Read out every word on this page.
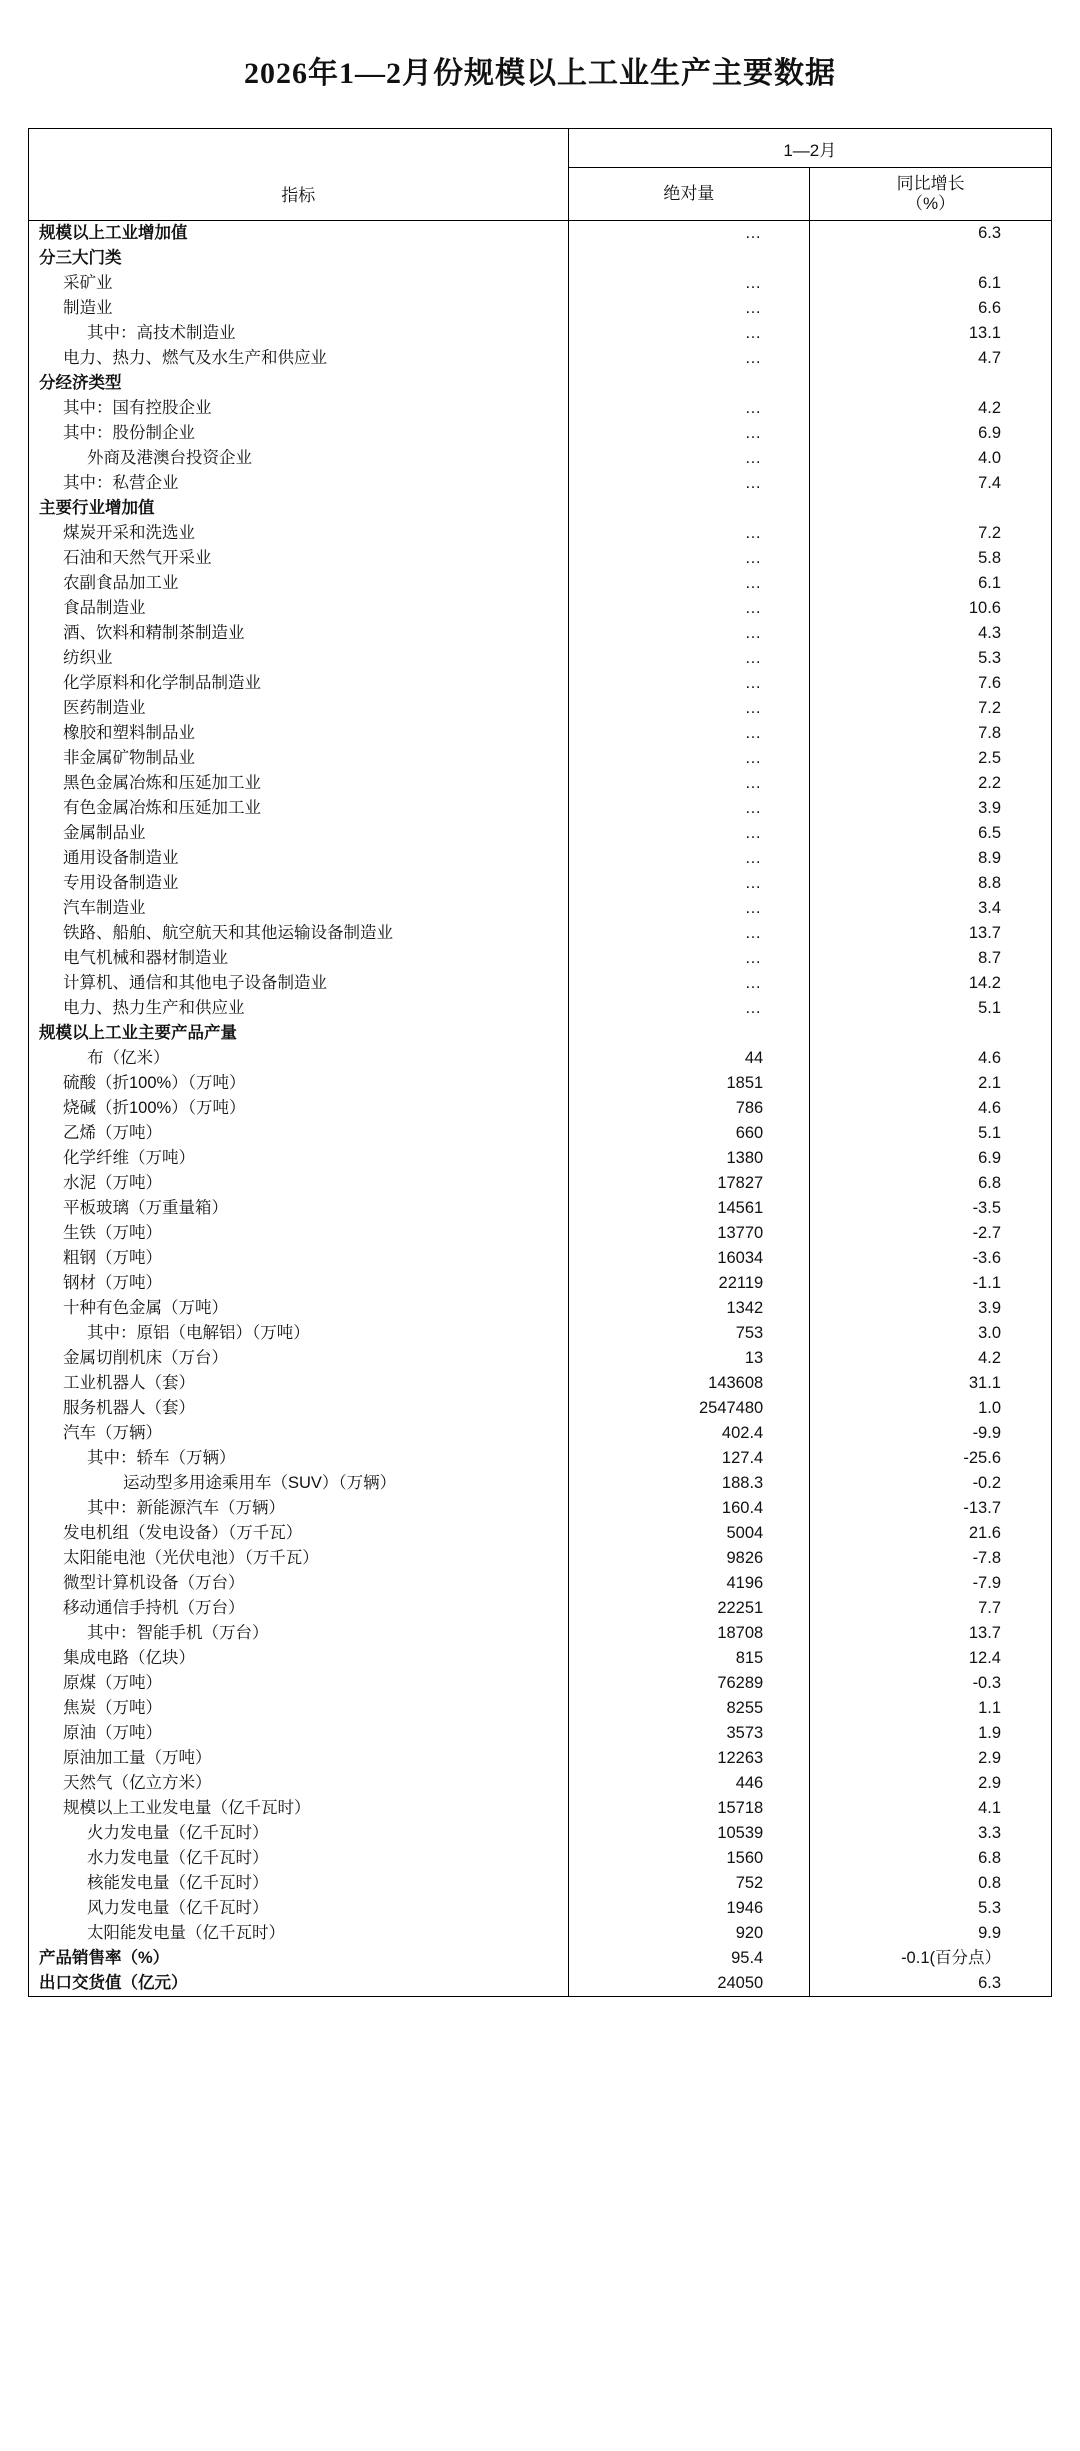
2026年1—2月份规模以上工业生产主要数据
	1—2月	
指标	绝对量	同比增长
（%）
规模以上工业增加值	…	6.3
分三大门类		
采矿业	…	6.1
制造业	…	6.6
其中：高技术制造业	…	13.1
电力、热力、燃气及水生产和供应业	…	4.7
分经济类型		
其中：国有控股企业	…	4.2
其中：股份制企业	…	6.9
外商及港澳台投资企业	…	4.0
其中：私营企业	…	7.4
主要行业增加值		
煤炭开采和洗选业	…	7.2
石油和天然气开采业	…	5.8
农副食品加工业	…	6.1
食品制造业	…	10.6
酒、饮料和精制茶制造业	…	4.3
纺织业	…	5.3
化学原料和化学制品制造业	…	7.6
医药制造业	…	7.2
橡胶和塑料制品业	…	7.8
非金属矿物制品业	…	2.5
黑色金属冶炼和压延加工业	…	2.2
有色金属冶炼和压延加工业	…	3.9
金属制品业	…	6.5
通用设备制造业	…	8.9
专用设备制造业	…	8.8
汽车制造业	…	3.4
铁路、船舶、航空航天和其他运输设备制造业	…	13.7
电气机械和器材制造业	…	8.7
计算机、通信和其他电子设备制造业	…	14.2
电力、热力生产和供应业	…	5.1
规模以上工业主要产品产量		
布（亿米）	44	4.6
硫酸（折100%）（万吨）	1851	2.1
烧碱（折100%）（万吨）	786	4.6
乙烯（万吨）	660	5.1
化学纤维（万吨）	1380	6.9
水泥（万吨）	17827	6.8
平板玻璃（万重量箱）	14561	-3.5
生铁（万吨）	13770	-2.7
粗钢（万吨）	16034	-3.6
钢材（万吨）	22119	-1.1
十种有色金属（万吨）	1342	3.9
其中：原铝（电解铝）（万吨）	753	3.0
金属切削机床（万台）	13	4.2
工业机器人（套）	143608	31.1
服务机器人（套）	2547480	1.0
汽车（万辆）	402.4	-9.9
其中：轿车（万辆）	127.4	-25.6
运动型多用途乘用车（SUV）（万辆）	188.3	-0.2
其中：新能源汽车（万辆）	160.4	-13.7
发电机组（发电设备）（万千瓦）	5004	21.6
太阳能电池（光伏电池）（万千瓦）	9826	-7.8
微型计算机设备（万台）	4196	-7.9
移动通信手持机（万台）	22251	7.7
其中：智能手机（万台）	18708	13.7
集成电路（亿块）	815	12.4
原煤（万吨）	76289	-0.3
焦炭（万吨）	8255	1.1
原油（万吨）	3573	1.9
原油加工量（万吨）	12263	2.9
天然气（亿立方米）	446	2.9
规模以上工业发电量（亿千瓦时）	15718	4.1
火力发电量（亿千瓦时）	10539	3.3
水力发电量（亿千瓦时）	1560	6.8
核能发电量（亿千瓦时）	752	0.8
风力发电量（亿千瓦时）	1946	5.3
太阳能发电量（亿千瓦时）	920	9.9
产品销售率（%）	95.4	-0.1(百分点）
出口交货值（亿元）	24050	6.3
